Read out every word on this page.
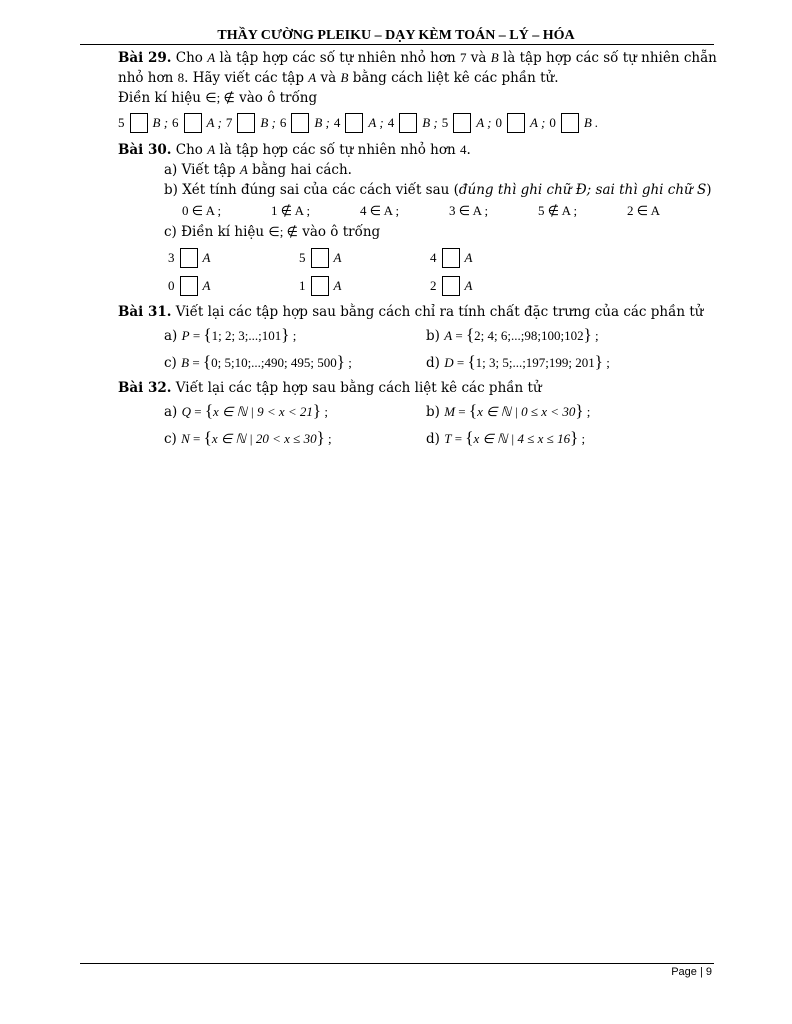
THẦY CƯỜNG PLEIKU – DẠY KÈM TOÁN – LÝ – HÓA
Bài 29. Cho A là tập hợp các số tự nhiên nhỏ hơn 7 và B là tập hợp các số tự nhiên chẵn
nhỏ hơn 8. Hãy viết các tập A và B bằng cách liệt kê các phần tử.
Điền kí hiệu ∈; ∉ vào ô trống
5 B ; 6 A ; 7 B ; 6 B ; 4 A ; 4 B ; 5 A ; 0 A ; 0 B .
Bài 30. Cho A là tập hợp các số tự nhiên nhỏ hơn 4.
a) Viết tập A bằng hai cách.
b) Xét tính đúng sai của các cách viết sau (đúng thì ghi chữ Đ; sai thì ghi chữ S)
0 ∈ A ;	1 ∉ A ;	4 ∈ A ;	3 ∈ A ;	5 ∉ A ;	2 ∈ A
c) Điền kí hiệu ∈; ∉ vào ô trống
3 A	5 A	4 A
0 A	1 A	2 A
Bài 31. Viết lại các tập hợp sau bằng cách chỉ ra tính chất đặc trưng của các phần tử
a) P = {1; 2; 3;...;101} ;	b) A = {2; 4; 6;...;98;100;102} ;
c) B = {0; 5;10;...;490; 495; 500} ;	d) D = {1; 3; 5;...;197;199; 201} ;
Bài 32. Viết lại các tập hợp sau bằng cách liệt kê các phần tử
a) Q = {x ∈ ℕ | 9 < x < 21} ;	b) M = {x ∈ ℕ | 0 ≤ x < 30} ;
c) N = {x ∈ ℕ | 20 < x ≤ 30} ;	d) T = {x ∈ ℕ | 4 ≤ x ≤ 16} ;
Page | 9
